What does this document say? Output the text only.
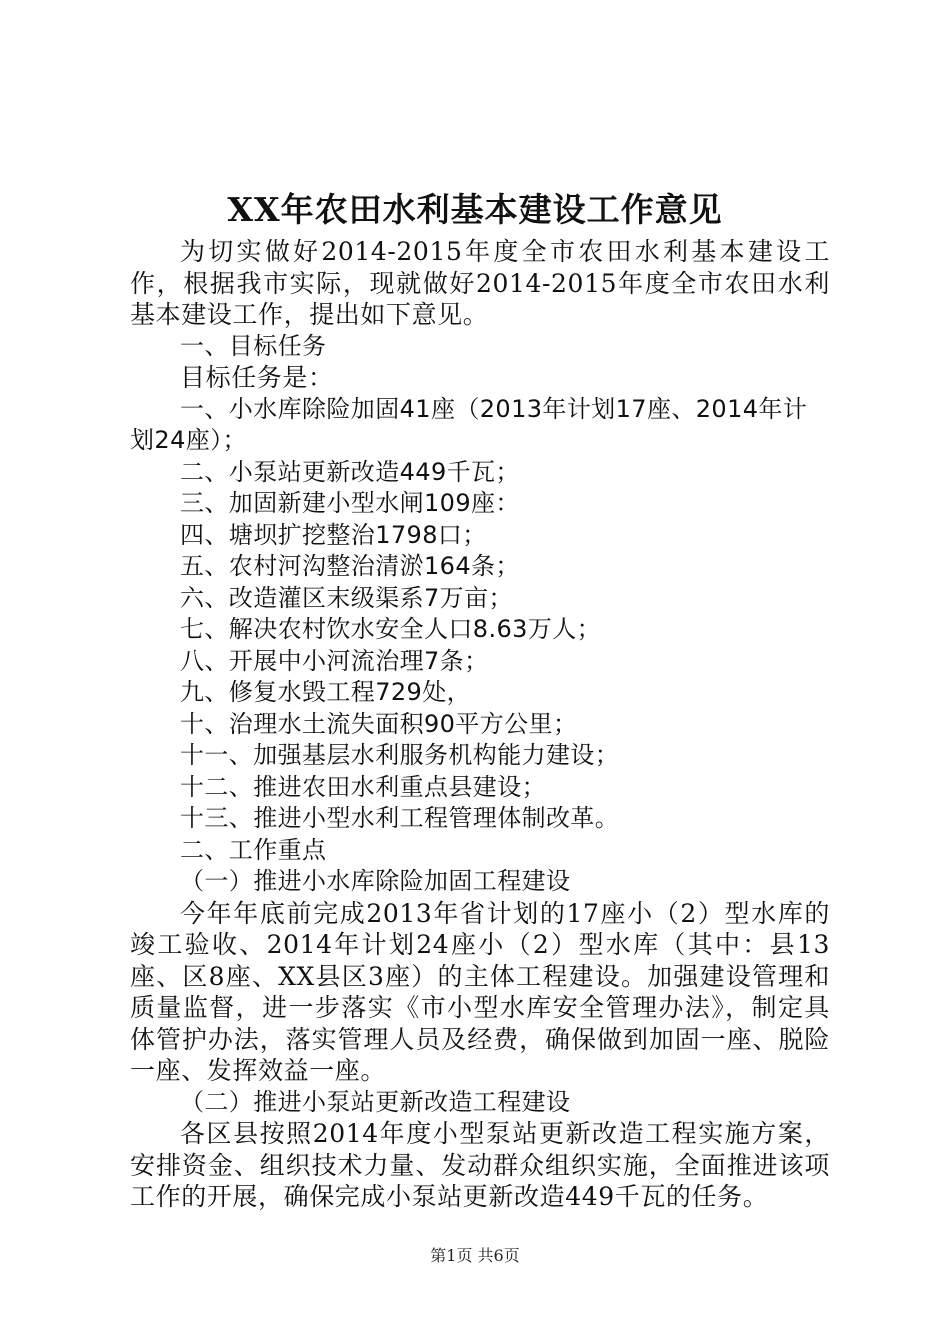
XX年农田水利基本建设工作意见

为切实做好2014-2015年度全市农田水利基本建设工作，根据我市实际，现就做好2014-2015年度全市农田水利基本建设工作，提出如下意见。

一、目标任务

目标任务是：

一、小水库除险加固41座（2013年计划17座、2014年计划24座）；

二、小泵站更新改造449千瓦；

三、加固新建小型水闸109座：

四、塘坝扩挖整治1798口；

五、农村河沟整治清淤164条；

六、改造灌区末级渠系7万亩；

七、解决农村饮水安全人口8.63万人；

八、开展中小河流治理7条；

九、修复水毁工程729处，

十、治理水土流失面积90平方公里；

十一、加强基层水利服务机构能力建设；

十二、推进农田水利重点县建设；

十三、推进小型水利工程管理体制改革。

二、工作重点

（一）推进小水库除险加固工程建设

今年年底前完成2013年省计划的17座小（2）型水库的竣工验收、2014年计划24座小（2）型水库（其中：县13座、区8座、XX县区3座）的主体工程建设。加强建设管理和质量监督，进一步落实《市小型水库安全管理办法》，制定具体管护办法，落实管理人员及经费，确保做到加固一座、脱险一座、发挥效益一座。

（二）推进小泵站更新改造工程建设

各区县按照2014年度小型泵站更新改造工程实施方案，安排资金、组织技术力量、发动群众组织实施，全面推进该项工作的开展，确保完成小泵站更新改造449千瓦的任务。

第1页 共6页
